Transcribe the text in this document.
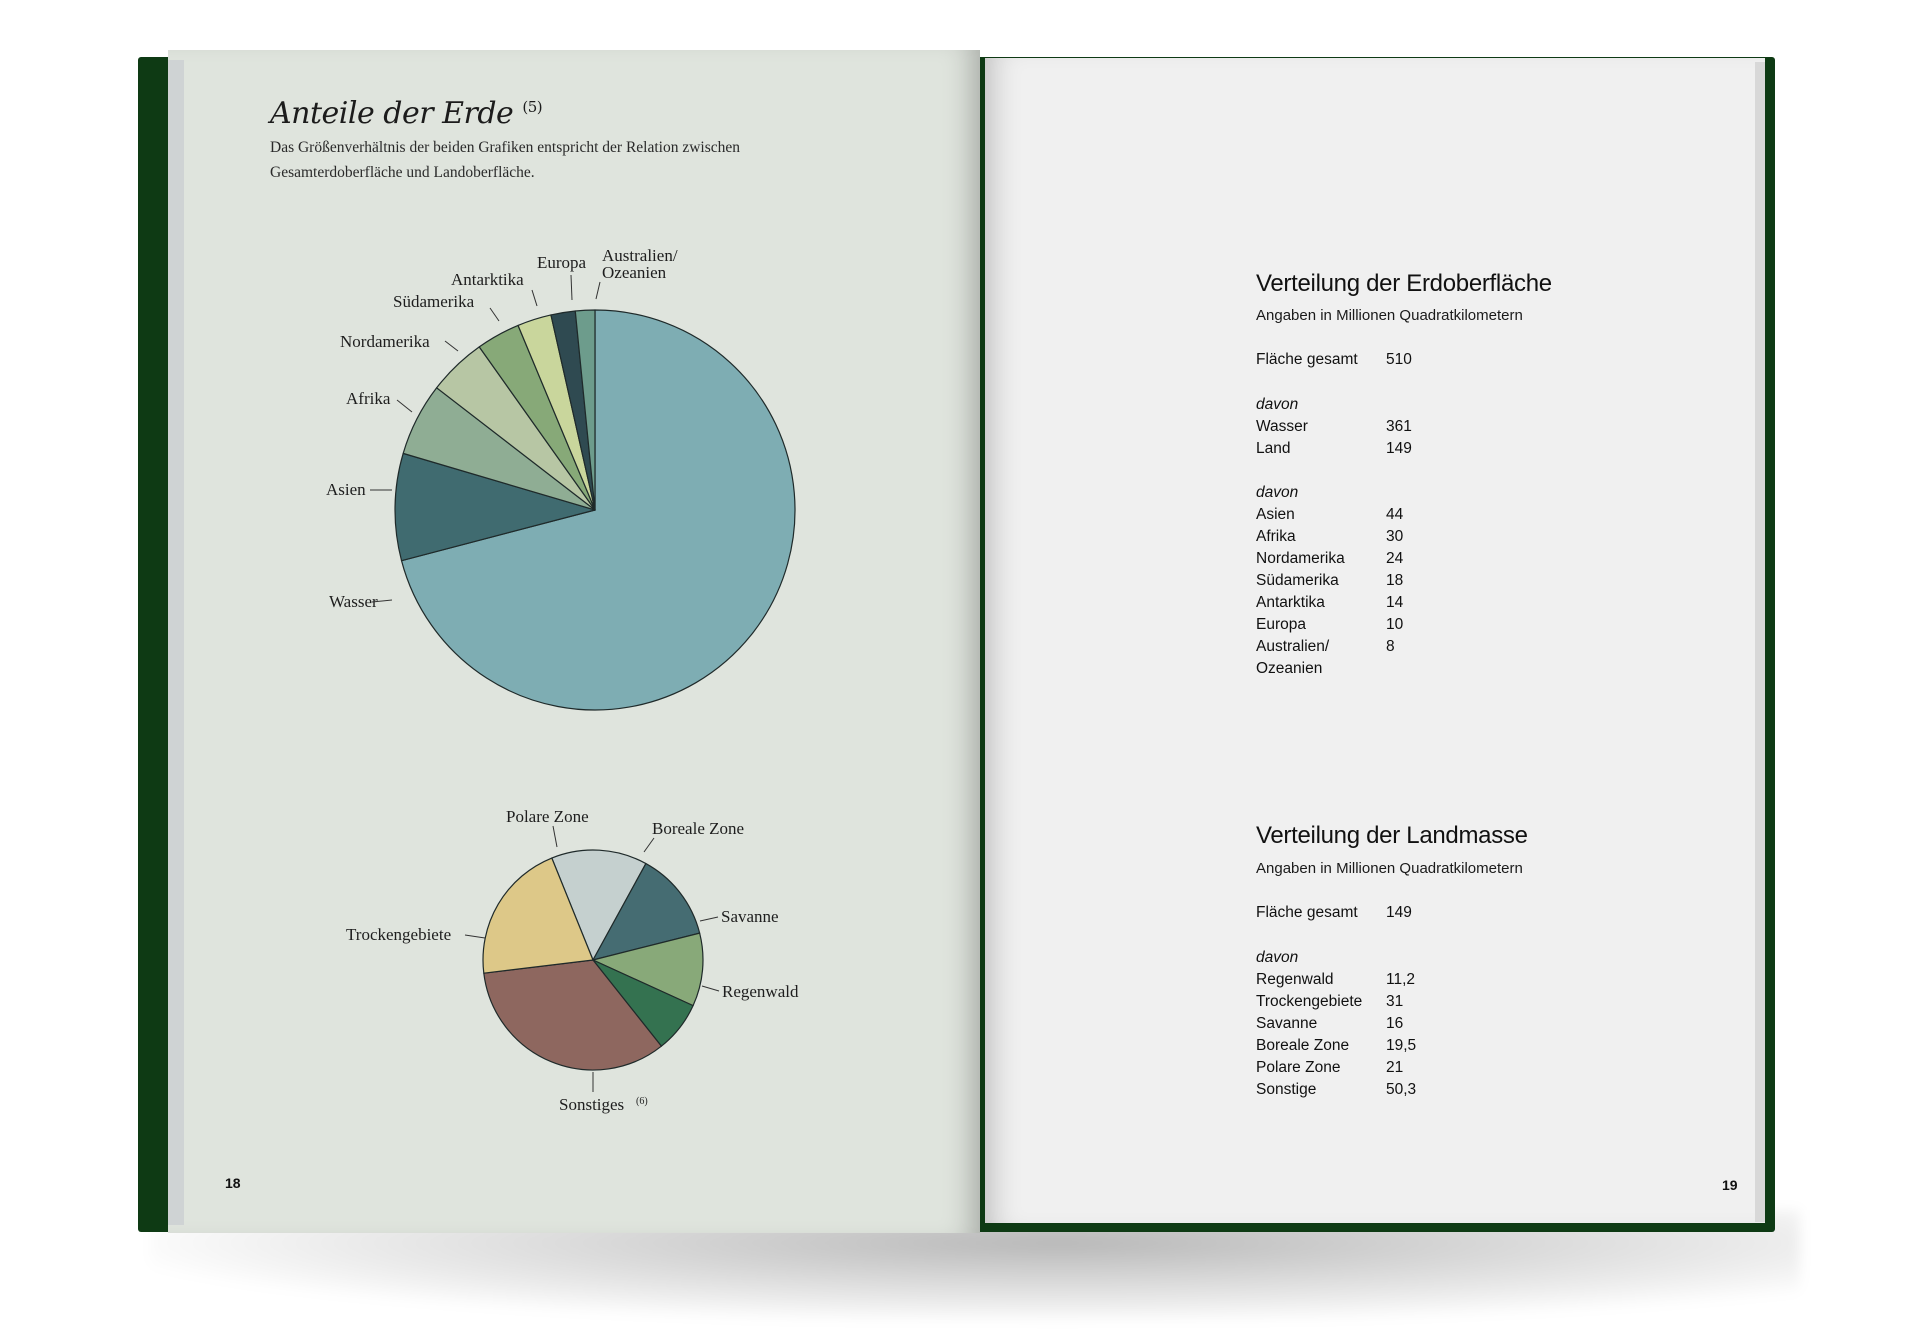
Anteile der Erde $^{(5)}$
Das Größenverhältnis der beiden Grafiken entspricht der Relation zwischen
Gesamterdoberfläche und Landoberfläche.
Wasser
Asien
Afrika
Nordamerika
Südamerika
Antarktika
Europa Australien/
Ozeanien
Polare Zone
Boreale Zone
Savanne
Regenwald
Trockengebiete
Sonstiges (6)
18	19
Verteilung der Erdoberfläche
Angaben in Millionen Quadratkilometern
Fläche gesamt 510
davon
Wasser	361
Land	149
davon
Asien	44
Afrika	30
Nordamerika	24
Südamerika	18
Antarktika	14
Europa	10
Australien/	8
Ozeanien
Verteilung der Landmasse
Angaben in Millionen Quadratkilometern
Fläche gesamt 149
davon
Regenwald	11,2
Trockengebiete 31
Savanne	16
Boreale Zone 19,5
Polare Zone	21
Sonstige	50,3
